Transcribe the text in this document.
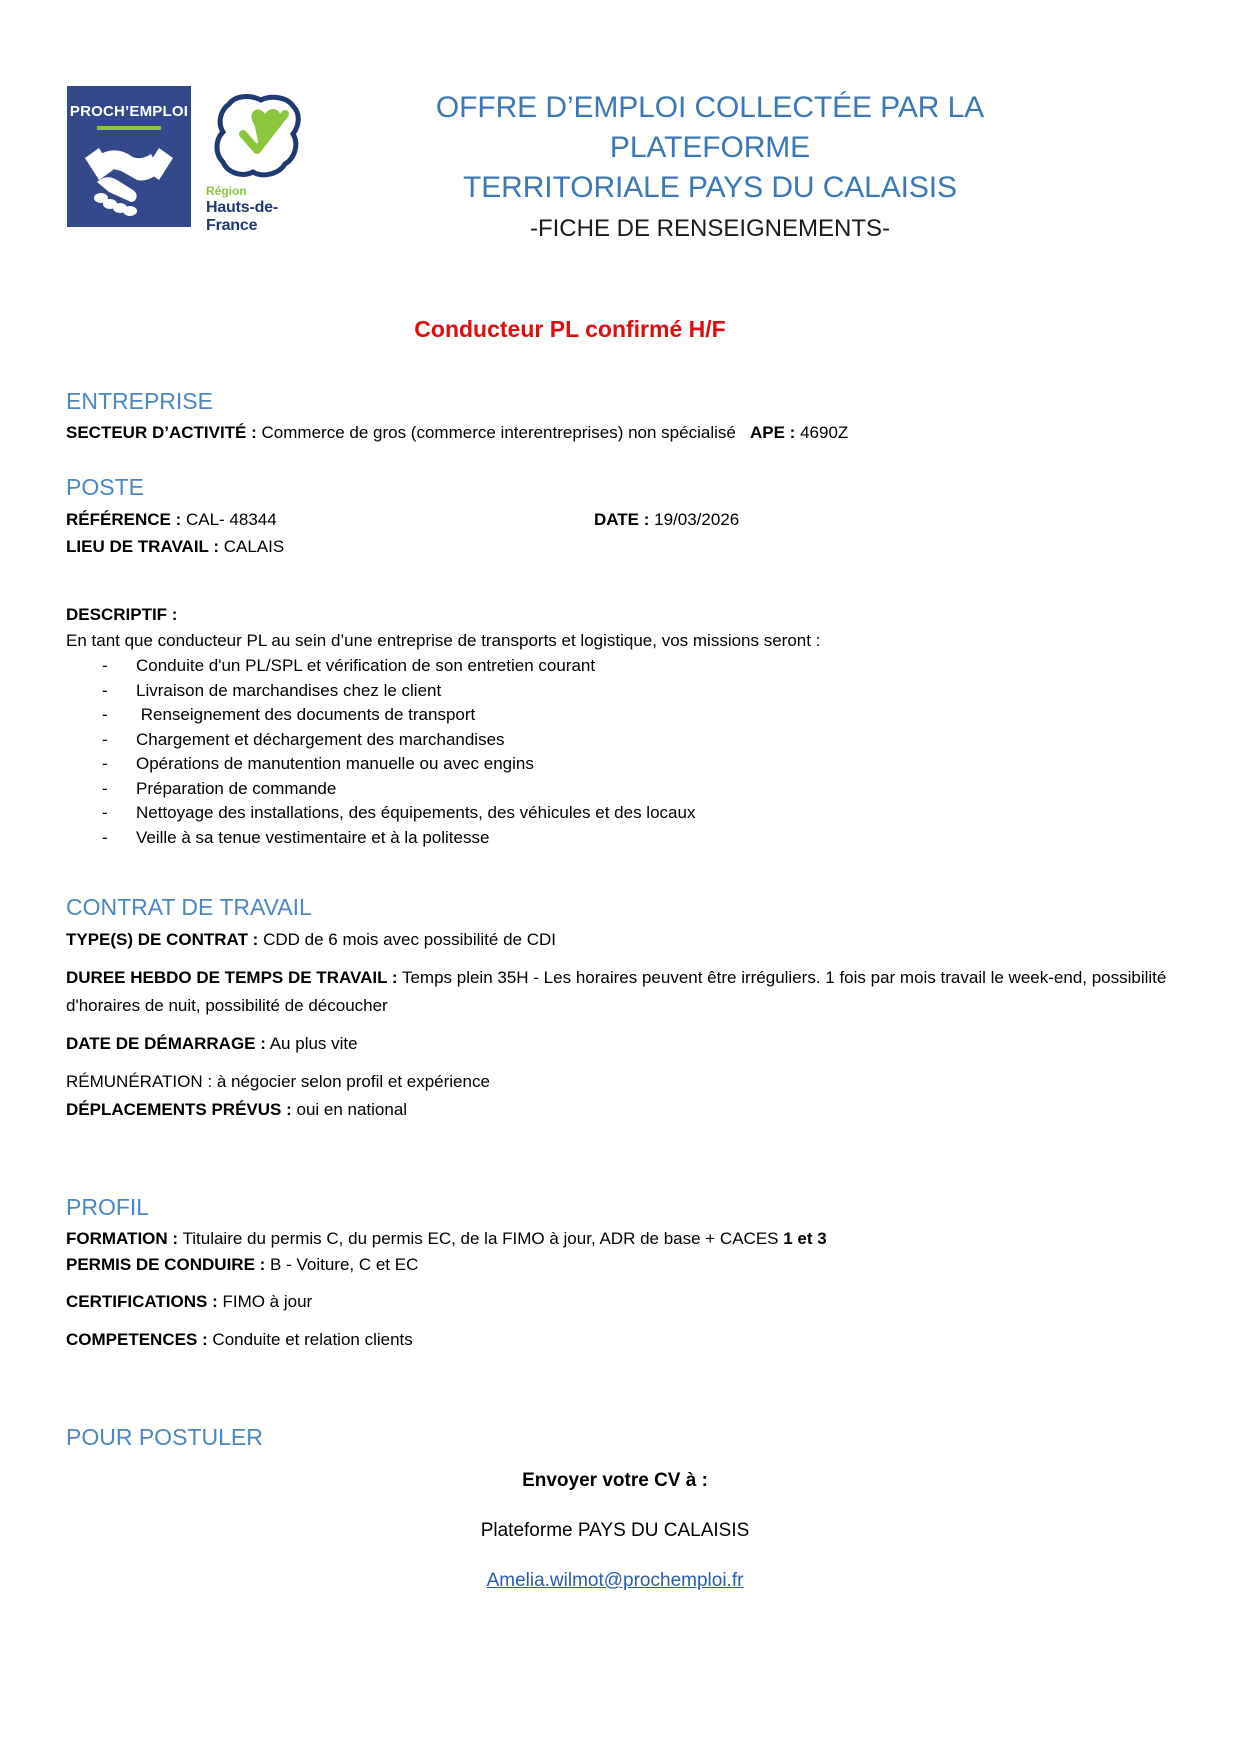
PROCH’EMPLOI
Région
Hauts-de-France
OFFRE D’EMPLOI COLLECTÉE PAR LA PLATEFORME
TERRITORIALE PAYS DU CALAISIS
-FICHE DE RENSEIGNEMENTS-
Conducteur PL confirmé H/F
ENTREPRISE

SECTEUR D’ACTIVITÉ : Commerce de gros (commerce interentreprises) non spécialisé APE : 4690Z

POSTE
RÉFÉRENCE : CAL- 48344	DATE : 19/03/2026

LIEU DE TRAVAIL : CALAIS

DESCRIPTIF :

En tant que conducteur PL au sein d’une entreprise de transports et logistique, vos missions seront :

- Conduite d'un PL/SPL et vérification de son entretien courant
- Livraison de marchandises chez le client
-  Renseignement des documents de transport
- Chargement et déchargement des marchandises
- Opérations de manutention manuelle ou avec engins
- Préparation de commande
- Nettoyage des installations, des équipements, des véhicules et des locaux
- Veille à sa tenue vestimentaire et à la politesse
CONTRAT DE TRAVAIL

TYPE(S) DE CONTRAT : CDD de 6 mois avec possibilité de CDI

DUREE HEBDO DE TEMPS DE TRAVAIL : Temps plein 35H - Les horaires peuvent être irréguliers. 1 fois par mois travail le week-end, possibilité d'horaires de nuit, possibilité de découcher

DATE DE DÉMARRAGE : Au plus vite

RÉMUNÉRATION : à négocier selon profil et expérience

DÉPLACEMENTS PRÉVUS : oui en national

PROFIL

FORMATION : Titulaire du permis C, du permis EC, de la FIMO à jour, ADR de base + CACES 1 et 3

PERMIS DE CONDUIRE : B - Voiture, C et EC

CERTIFICATIONS : FIMO à jour

COMPETENCES : Conduite et relation clients

POUR POSTULER
Envoyer votre CV à :
Plateforme PAYS DU CALAISIS
Amelia.wilmot@prochemploi.fr
